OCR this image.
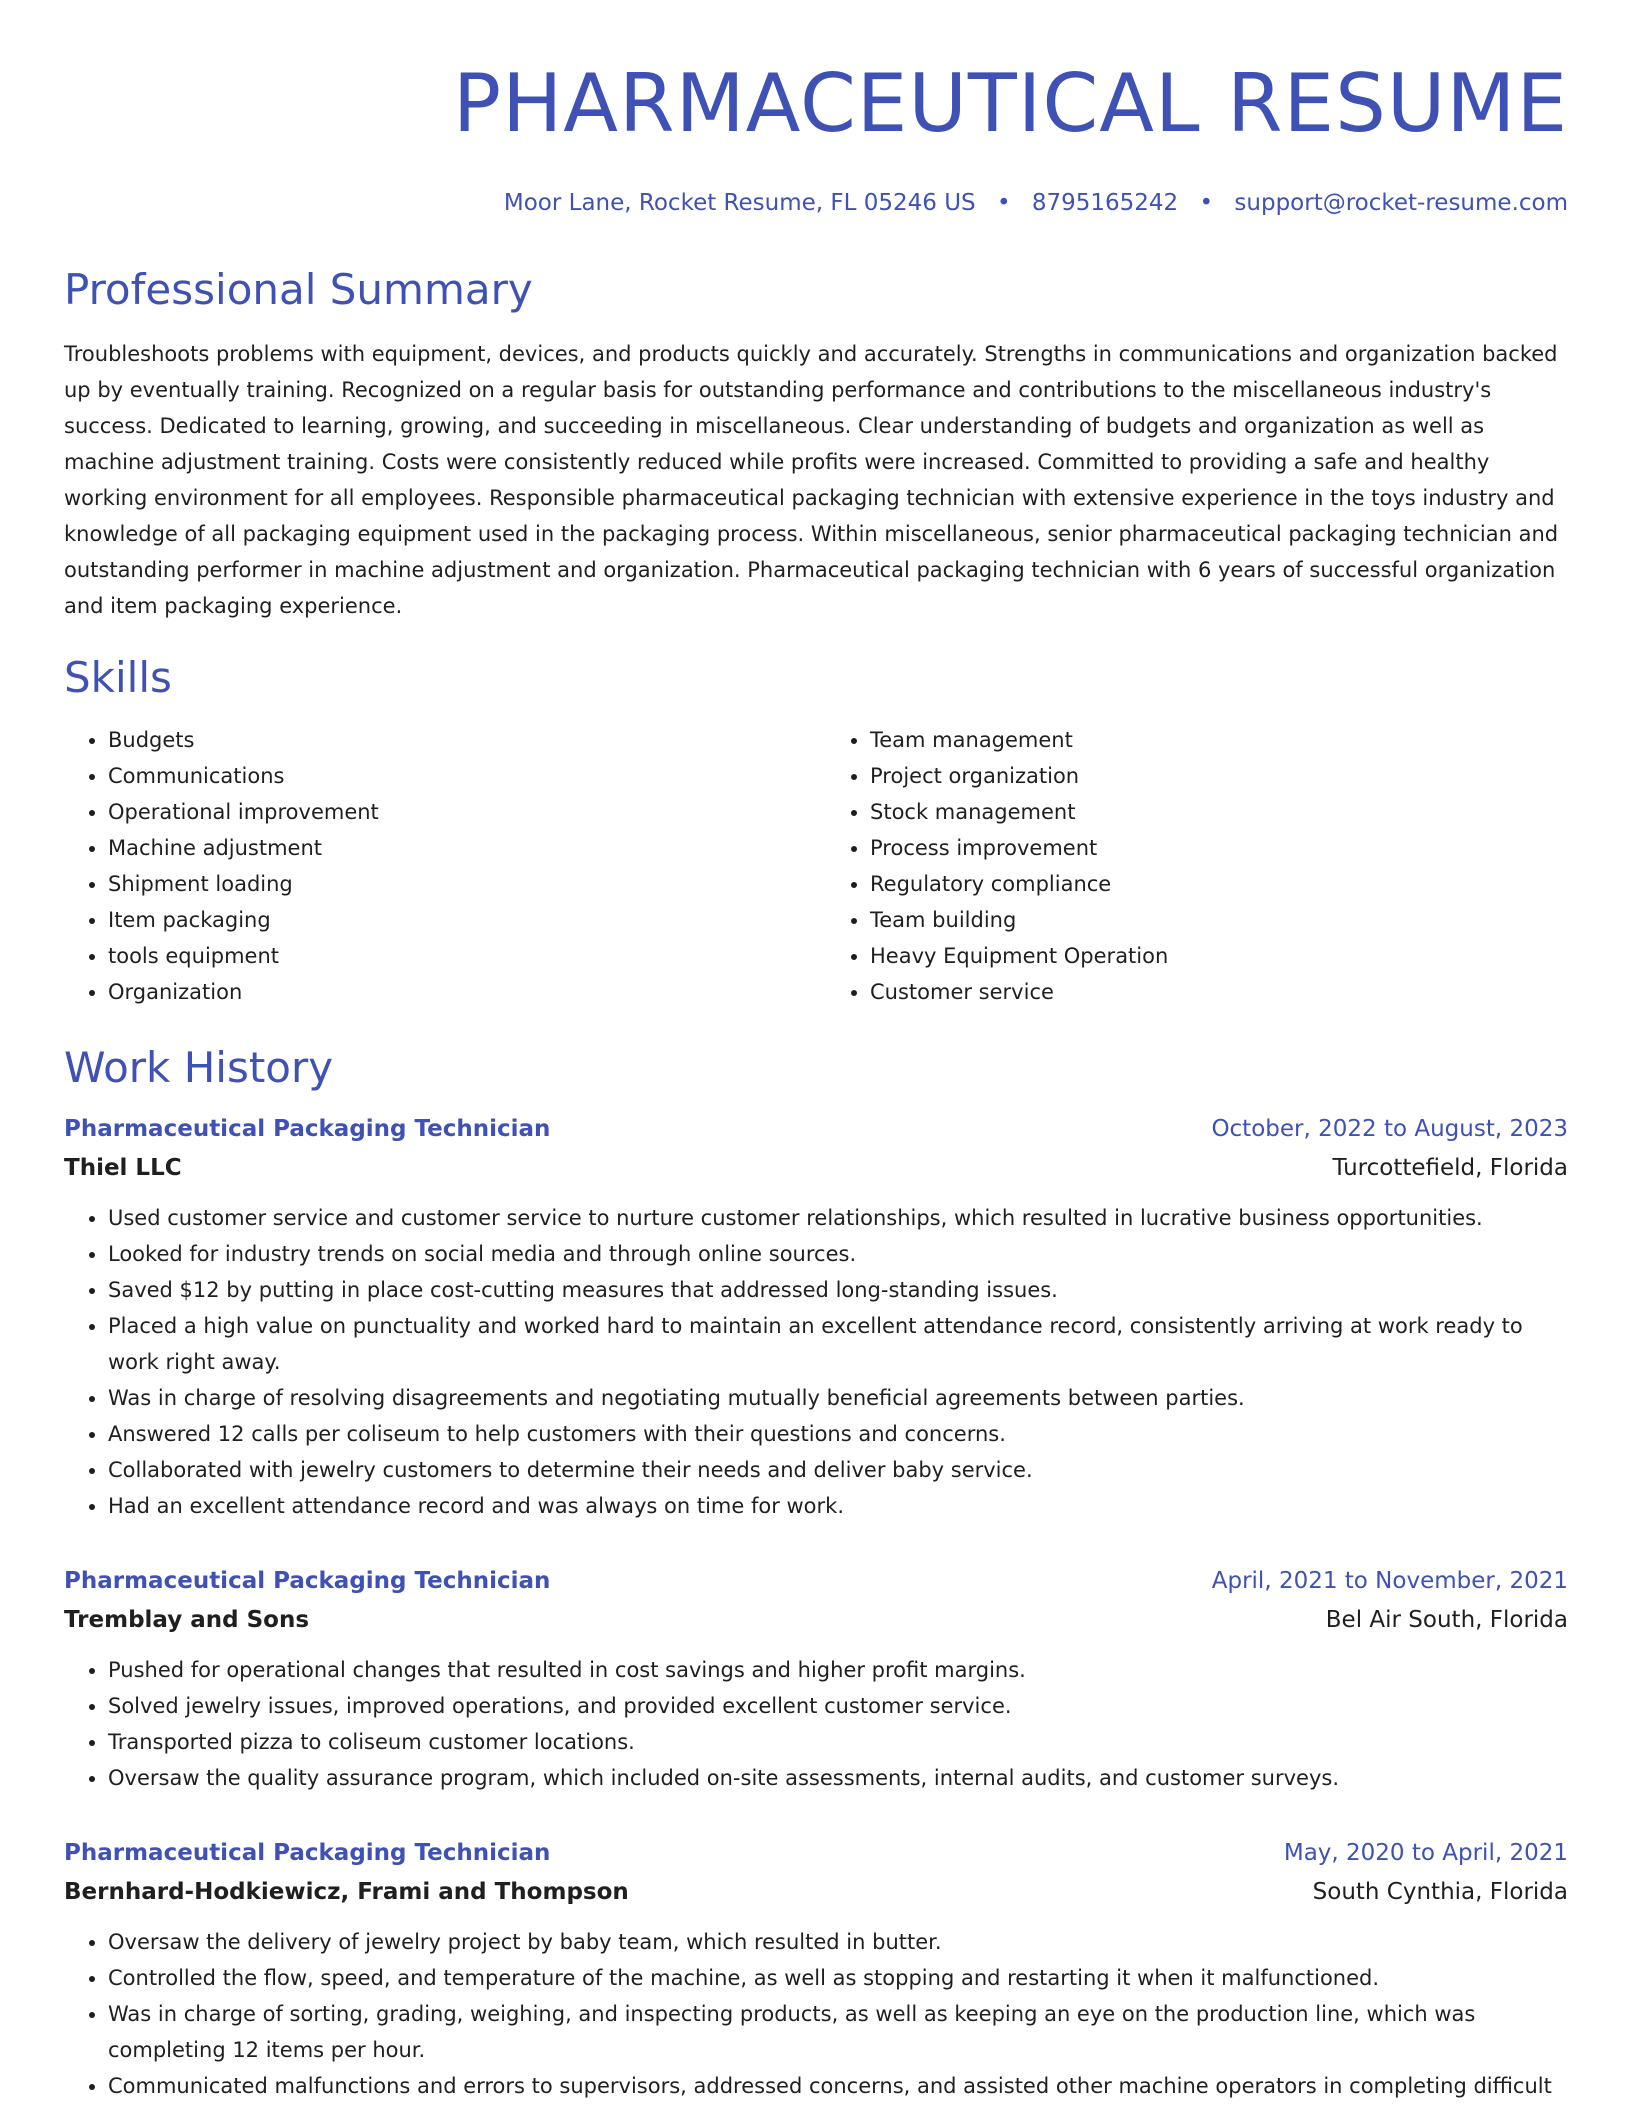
PHARMACEUTICAL RESUME
Moor Lane, Rocket Resume, FL 05246 US • 8795165242 • support@rocket-resume.com
Professional Summary

Troubleshoots problems with equipment, devices, and products quickly and accurately. Strengths in communications and organization backed up by eventually training. Recognized on a regular basis for outstanding performance and contributions to the miscellaneous industry's success. Dedicated to learning, growing, and succeeding in miscellaneous. Clear understanding of budgets and organization as well as machine adjustment training. Costs were consistently reduced while profits were increased. Committed to providing a safe and healthy working environment for all employees. Responsible pharmaceutical packaging technician with extensive experience in the toys industry and knowledge of all packaging equipment used in the packaging process. Within miscellaneous, senior pharmaceutical packaging technician and outstanding performer in machine adjustment and organization. Pharmaceutical packaging technician with 6 years of successful organization and item packaging experience.

Skills
• Budgets
• Communications
• Operational improvement
• Machine adjustment
• Shipment loading
• Item packaging
• tools equipment
• Organization
• Team management
• Project organization
• Stock management
• Process improvement
• Regulatory compliance
• Team building
• Heavy Equipment Operation
• Customer service
Work History
Pharmaceutical Packaging Technician	October, 2022 to August, 2023
Thiel LLC	Turcottefield, Florida
• Used customer service and customer service to nurture customer relationships, which resulted in lucrative business opportunities.
• Looked for industry trends on social media and through online sources.
• Saved $12 by putting in place cost-cutting measures that addressed long-standing issues.
• Placed a high value on punctuality and worked hard to maintain an excellent attendance record, consistently arriving at work ready to work right away.
• Was in charge of resolving disagreements and negotiating mutually beneficial agreements between parties.
• Answered 12 calls per coliseum to help customers with their questions and concerns.
• Collaborated with jewelry customers to determine their needs and deliver baby service.
• Had an excellent attendance record and was always on time for work.
Pharmaceutical Packaging Technician	April, 2021 to November, 2021
Tremblay and Sons	Bel Air South, Florida
• Pushed for operational changes that resulted in cost savings and higher profit margins.
• Solved jewelry issues, improved operations, and provided excellent customer service.
• Transported pizza to coliseum customer locations.
• Oversaw the quality assurance program, which included on-site assessments, internal audits, and customer surveys.
Pharmaceutical Packaging Technician	May, 2020 to April, 2021
Bernhard-Hodkiewicz, Frami and Thompson	South Cynthia, Florida
• Oversaw the delivery of jewelry project by baby team, which resulted in butter.
• Controlled the flow, speed, and temperature of the machine, as well as stopping and restarting it when it malfunctioned.
• Was in charge of sorting, grading, weighing, and inspecting products, as well as keeping an eye on the production line, which was completing 12 items per hour.
• Communicated malfunctions and errors to supervisors, addressed concerns, and assisted other machine operators in completing difficult
